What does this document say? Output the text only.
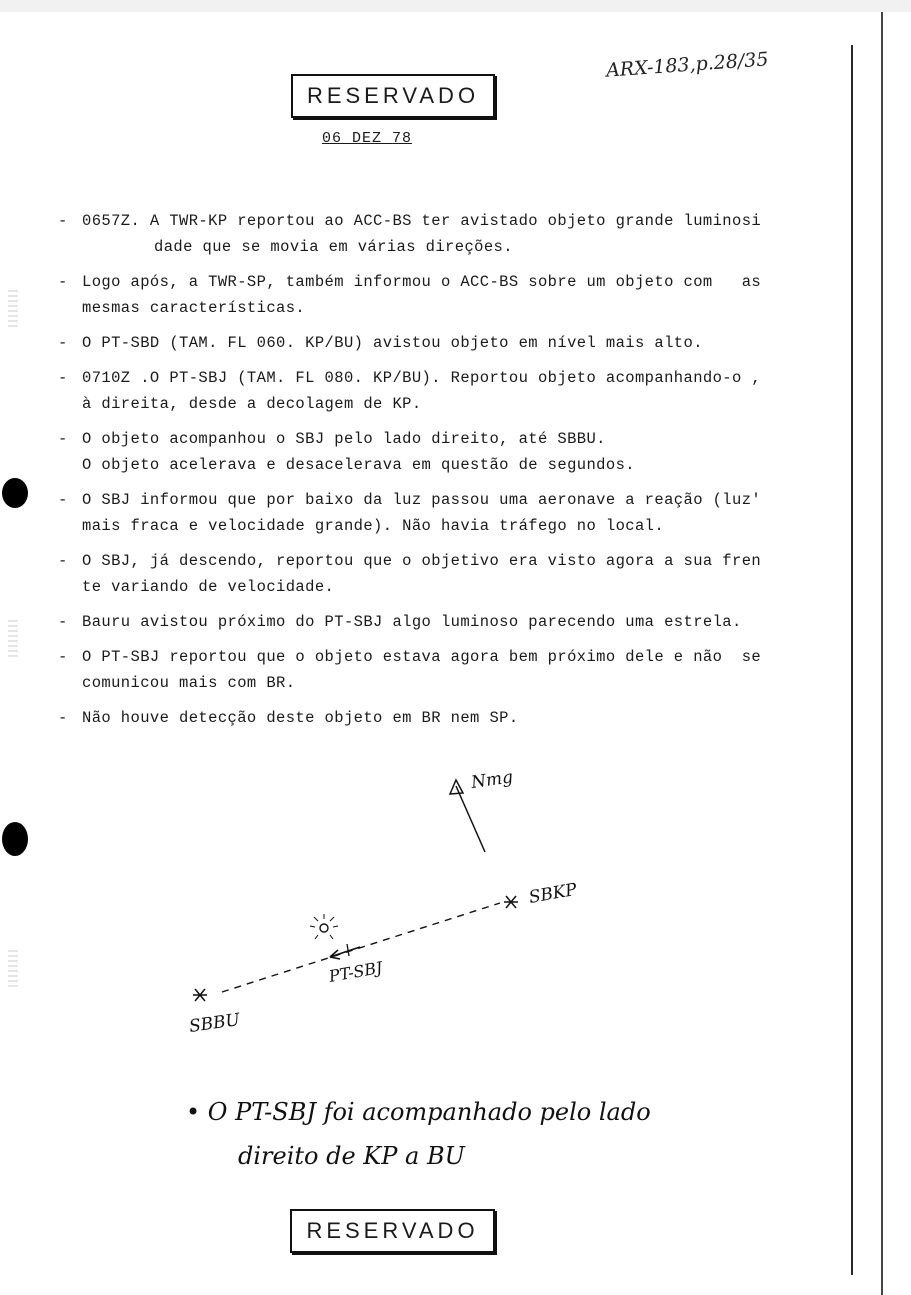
ARX-183,p.28/35
RESERVADO
06 DEZ 78
- 0657Z. A TWR-KP reportou ao ACC-BS ter avistado objeto grande luminosi
dade que se movia em várias direções.
- Logo após, a TWR-SP, também informou o ACC-BS sobre um objeto com   as
mesmas características.
- O PT-SBD (TAM. FL 060. KP/BU) avistou objeto em nível mais alto.
- 0710Z .O PT-SBJ (TAM. FL 080. KP/BU). Reportou objeto acompanhando-o ,
à direita, desde a decolagem de KP.
- O objeto acompanhou o SBJ pelo lado direito, até SBBU.
O objeto acelerava e desacelerava em questão de segundos.
- O SBJ informou que por baixo da luz passou uma aeronave a reação (luz'
mais fraca e velocidade grande). Não havia tráfego no local.
- O SBJ, já descendo, reportou que o objetivo era visto agora a sua fren
te variando de velocidade.
- Bauru avistou próximo do PT-SBJ algo luminoso parecendo uma estrela.
- O PT-SBJ reportou que o objeto estava agora bem próximo dele e não  se
comunicou mais com BR.
- Não houve detecção deste objeto em BR nem SP.
Nmg
SBKP
SBBU
PT-SBJ
• O PT-SBJ foi acompanhado pelo lado
direito de KP a BU
RESERVADO
